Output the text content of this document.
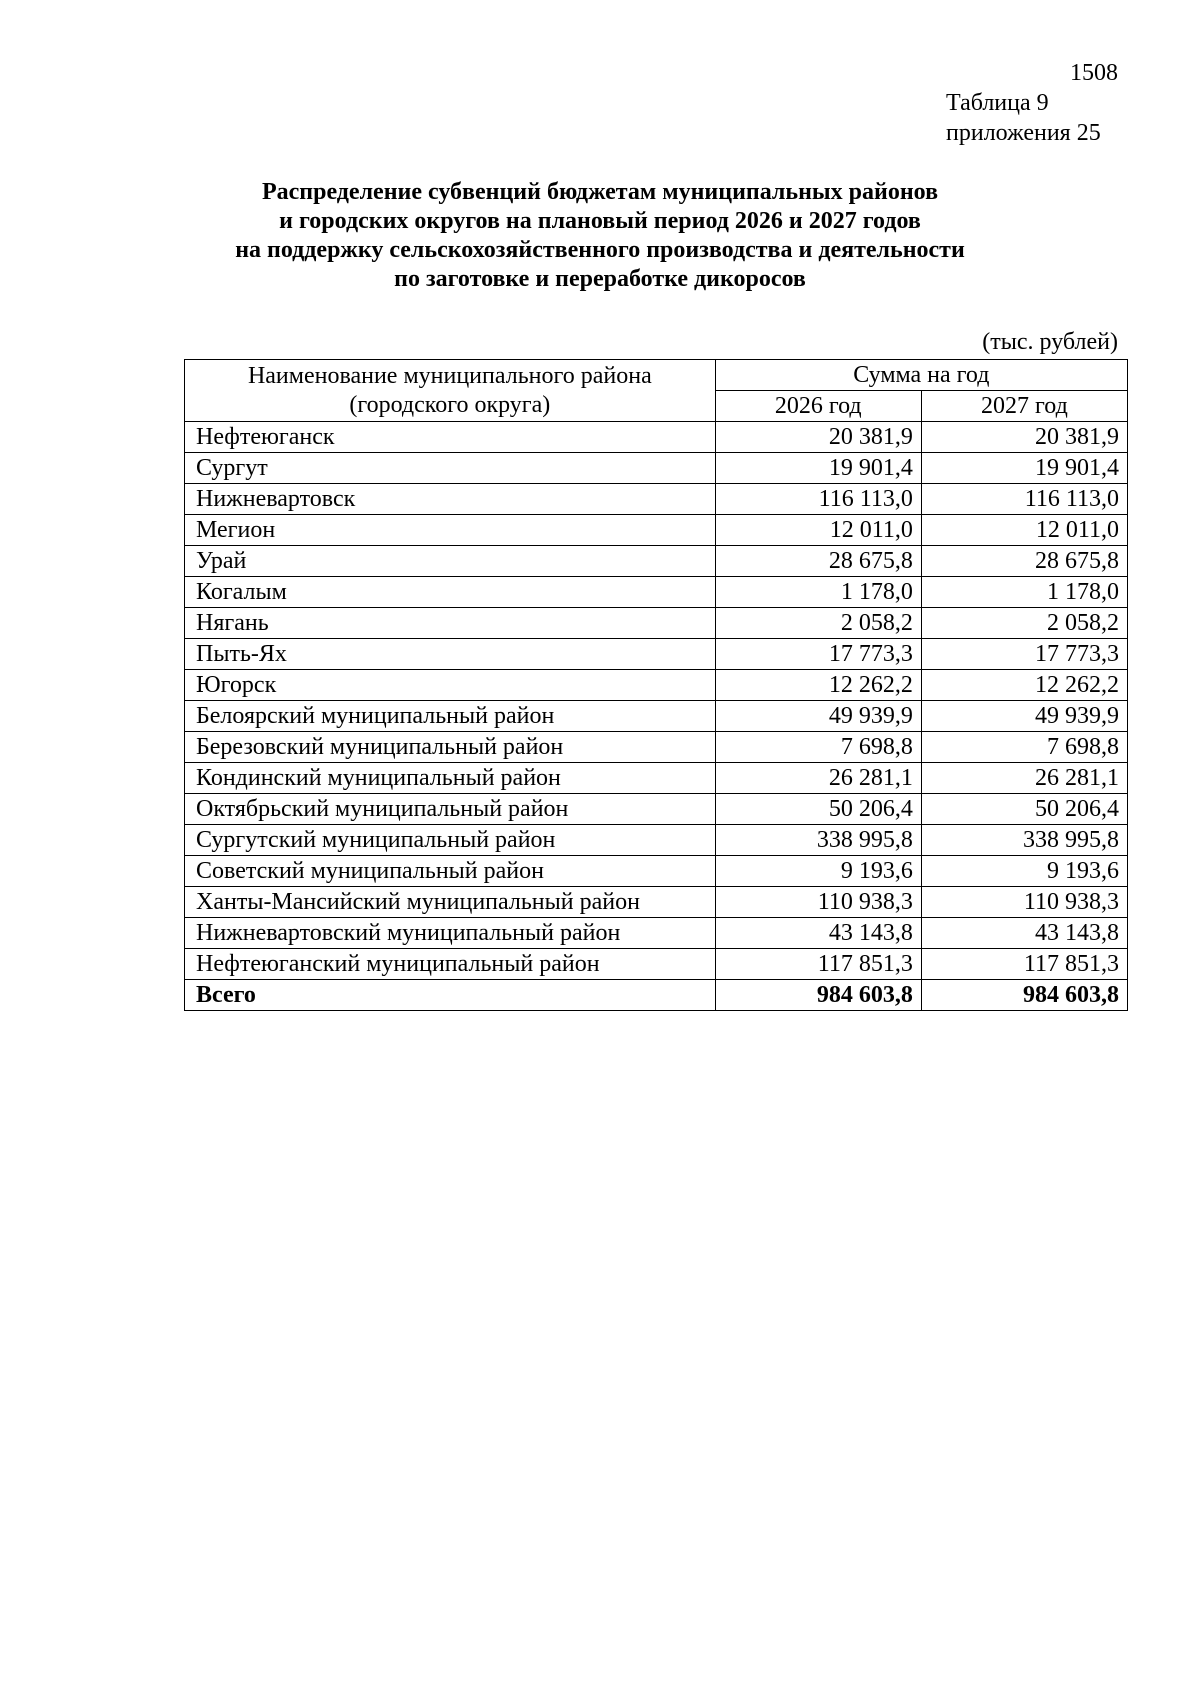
1508
Таблица 9
приложения 25
Распределение субвенций бюджетам муниципальных районов
и городских округов на плановый период 2026 и 2027 годов
на поддержку сельскохозяйственного производства и деятельности
по заготовке и переработке дикоросов
(тыс. рублей)
Наименование муниципального района
(городского округа)	Сумма на год	
	2026 год	2027 год
Нефтеюганск	20 381,9	20 381,9
Сургут	19 901,4	19 901,4
Нижневартовск	116 113,0	116 113,0
Мегион	12 011,0	12 011,0
Урай	28 675,8	28 675,8
Когалым	1 178,0	1 178,0
Нягань	2 058,2	2 058,2
Пыть-Ях	17 773,3	17 773,3
Югорск	12 262,2	12 262,2
Белоярский муниципальный район	49 939,9	49 939,9
Березовский муниципальный район	7 698,8	7 698,8
Кондинский муниципальный район	26 281,1	26 281,1
Октябрьский муниципальный район	50 206,4	50 206,4
Сургутский муниципальный район	338 995,8	338 995,8
Советский муниципальный район	9 193,6	9 193,6
Ханты-Мансийский муниципальный район	110 938,3	110 938,3
Нижневартовский муниципальный район	43 143,8	43 143,8
Нефтеюганский муниципальный район	117 851,3	117 851,3
Всего	984 603,8	984 603,8
